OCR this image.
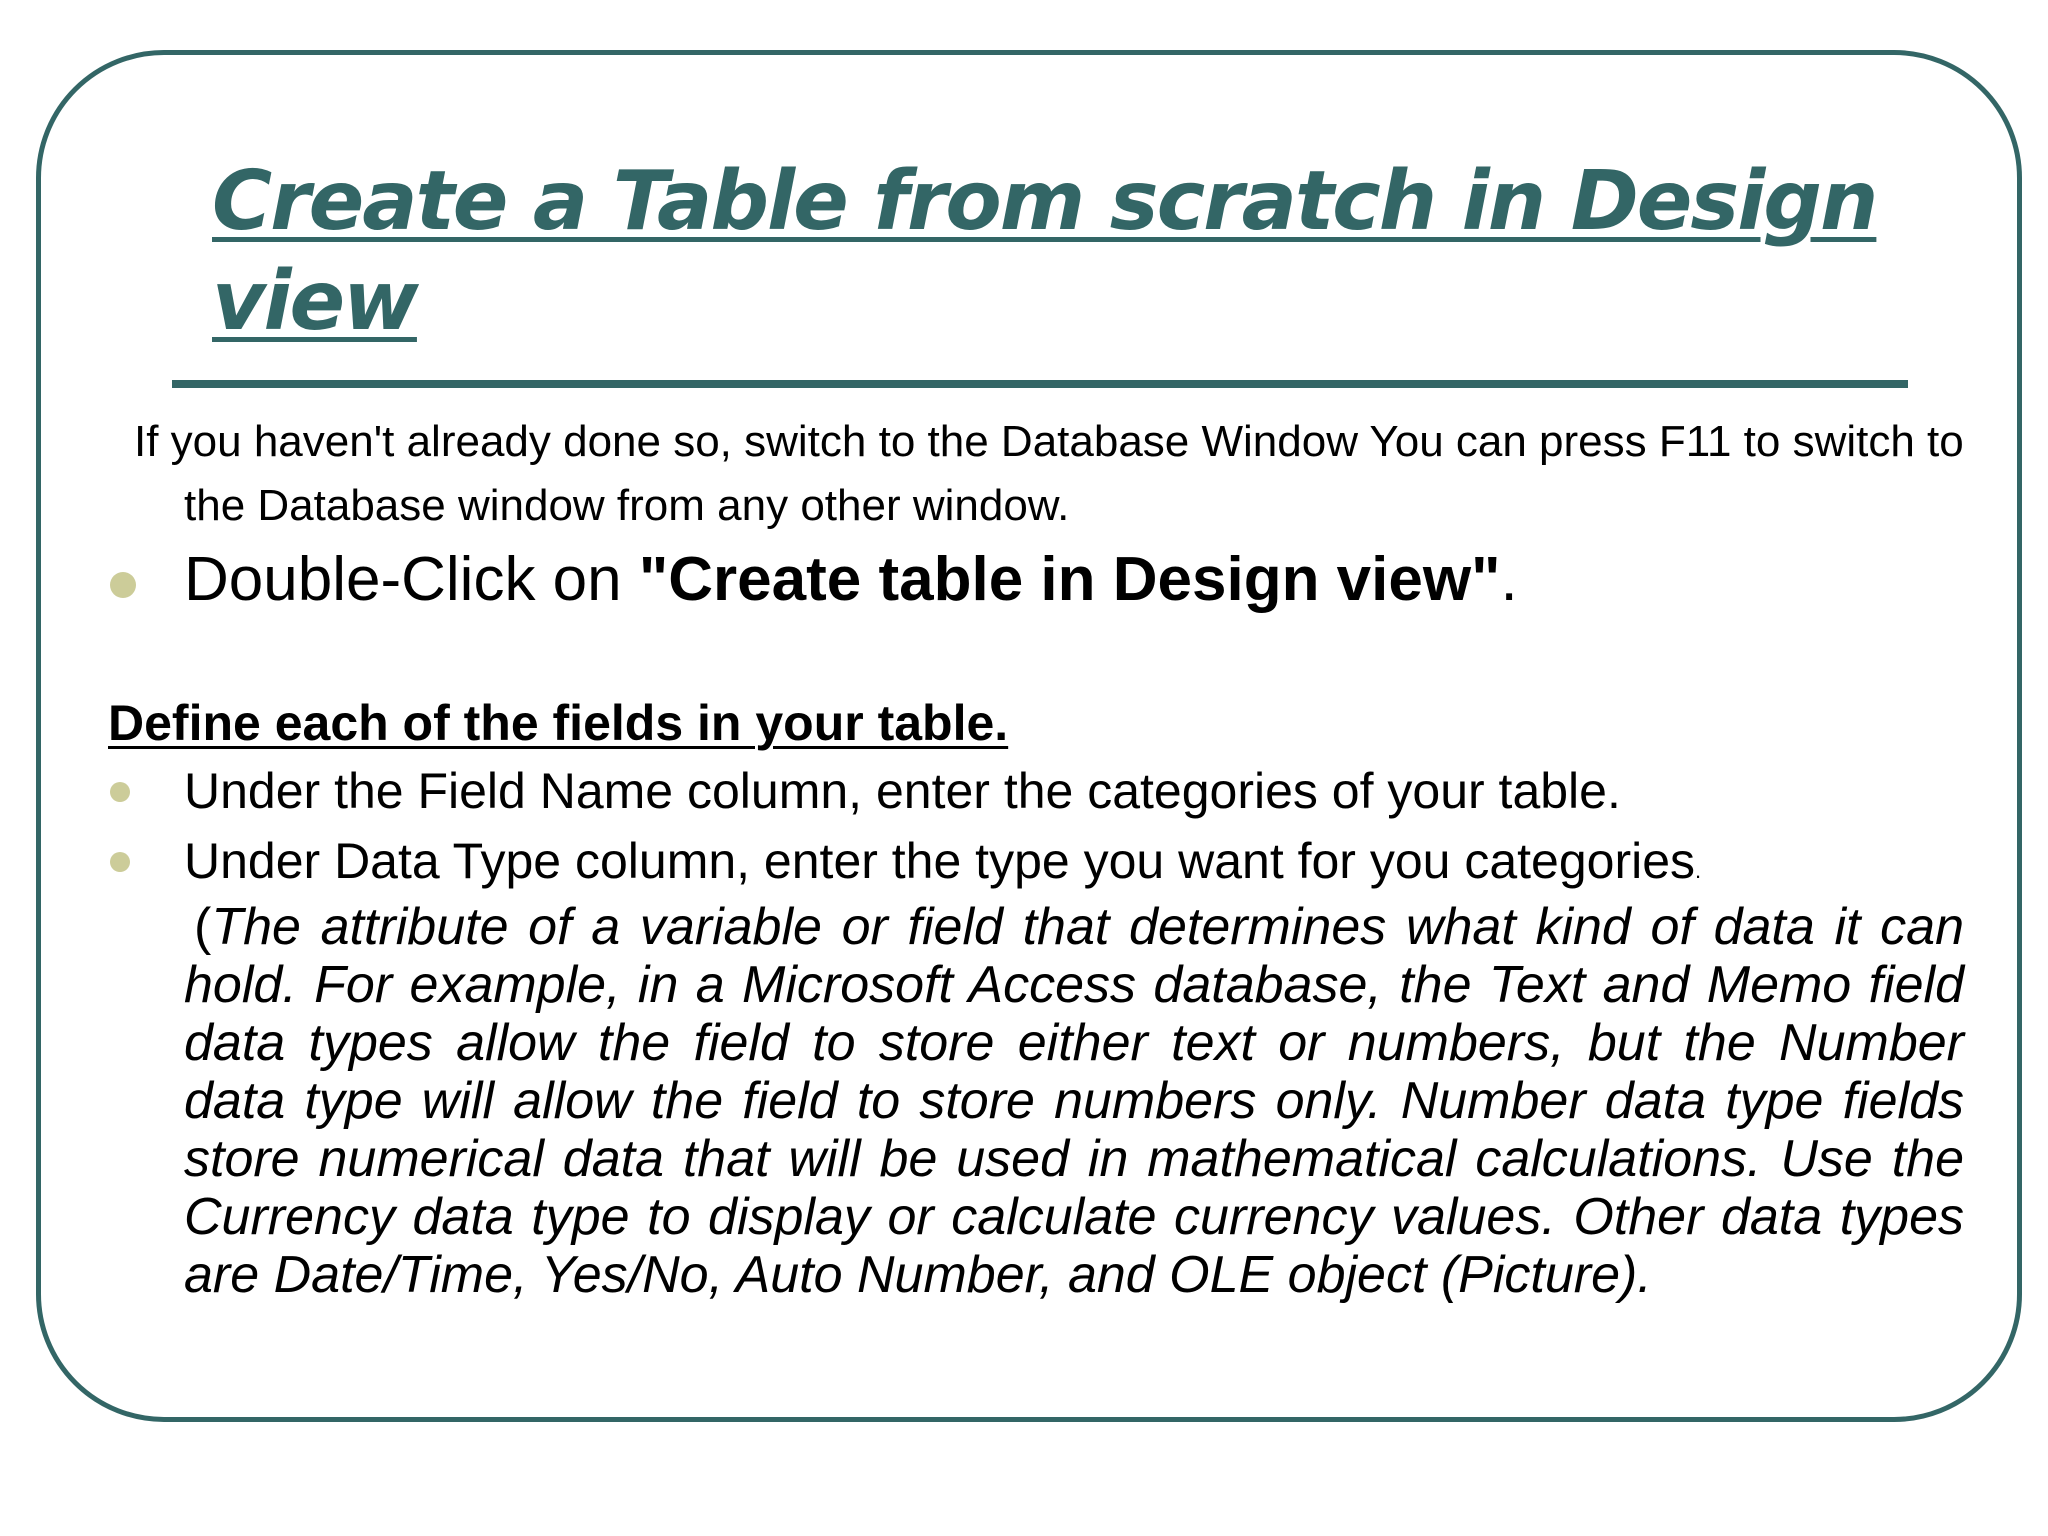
Create a Table from scratch in Design view

If you haven't already done so, switch to the Database Window You can press F11 to switch to the Database window from any other window.

Double-Click on "Create table in Design view".

Define each of the fields in your table.

Under the Field Name column, enter the categories of your table.

Under Data Type column, enter the type you want for you categories.

(The attribute of a variable or field that determines what kind of data it can hold. For example, in a Microsoft Access database, the Text and Memo field data types allow the field to store either text or numbers, but the Number data type will allow the field to store numbers only. Number data type fields store numerical data that will be used in mathematical calculations. Use the Currency data type to display or calculate currency values. Other data types are Date/Time, Yes/No, Auto Number, and OLE object (Picture).
